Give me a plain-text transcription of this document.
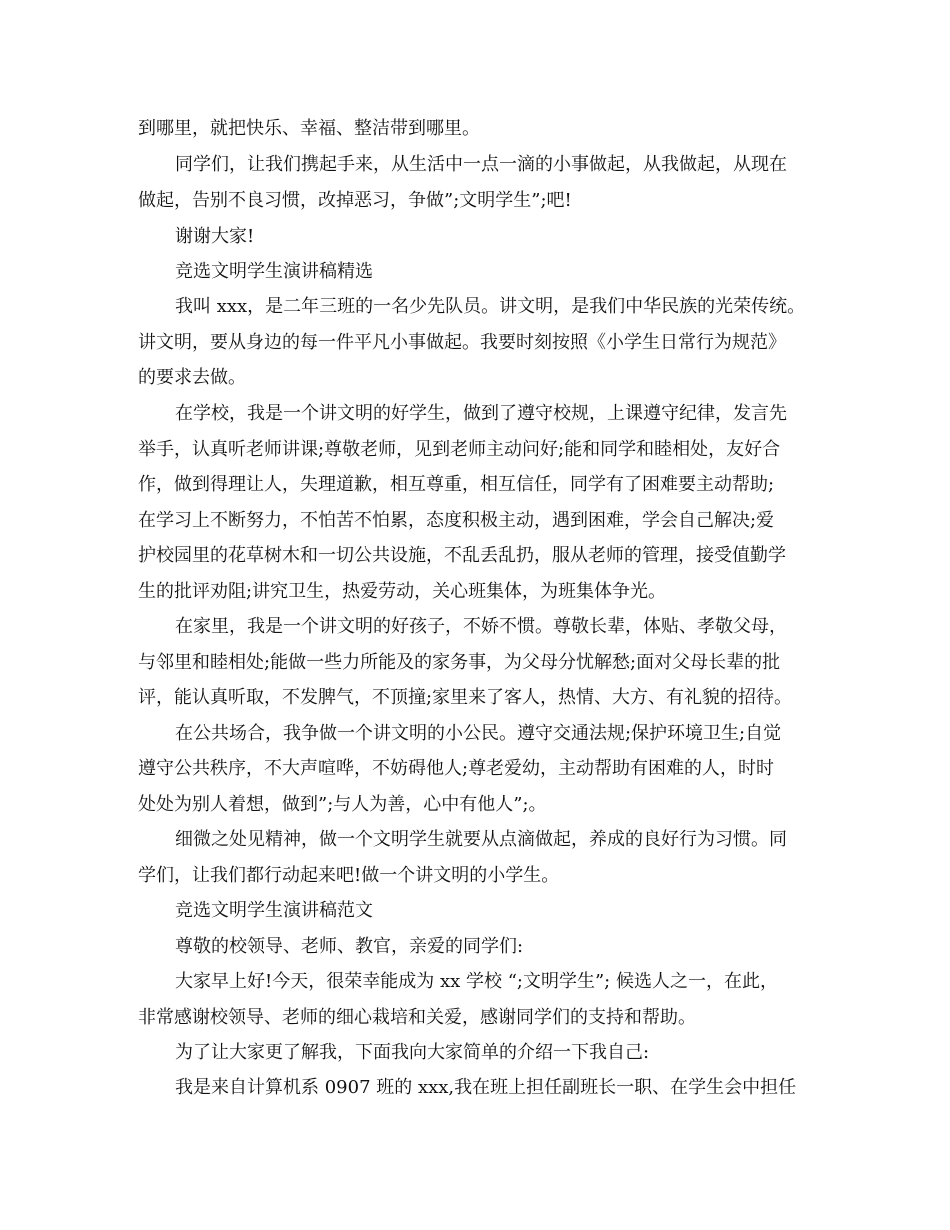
到哪里，就把快乐、幸福、整洁带到哪里。
同学们，让我们携起手来，从生活中一点一滴的小事做起，从我做起，从现在
做起，告别不良习惯，改掉恶习，争做”;文明学生”;吧!
谢谢大家!
竞选文明学生演讲稿精选
我叫 xxx，是二年三班的一名少先队员。讲文明，是我们中华民族的光荣传统。
讲文明，要从身边的每一件平凡小事做起。我要时刻按照《小学生日常行为规范》
的要求去做。
在学校，我是一个讲文明的好学生，做到了遵守校规，上课遵守纪律，发言先
举手，认真听老师讲课;尊敬老师，见到老师主动问好;能和同学和睦相处，友好合
作，做到得理让人，失理道歉，相互尊重，相互信任，同学有了困难要主动帮助;
在学习上不断努力，不怕苦不怕累，态度积极主动，遇到困难，学会自己解决;爱
护校园里的花草树木和一切公共设施，不乱丢乱扔，服从老师的管理，接受值勤学
生的批评劝阻;讲究卫生，热爱劳动，关心班集体，为班集体争光。
在家里，我是一个讲文明的好孩子，不娇不惯。尊敬长辈，体贴、孝敬父母，
与邻里和睦相处;能做一些力所能及的家务事，为父母分忧解愁;面对父母长辈的批
评，能认真听取，不发脾气，不顶撞;家里来了客人，热情、大方、有礼貌的招待。
在公共场合，我争做一个讲文明的小公民。遵守交通法规;保护环境卫生;自觉
遵守公共秩序，不大声喧哗，不妨碍他人;尊老爱幼，主动帮助有困难的人，时时
处处为别人着想，做到”;与人为善，心中有他人”;。
细微之处见精神，做一个文明学生就要从点滴做起，养成的良好行为习惯。同
学们，让我们都行动起来吧!做一个讲文明的小学生。
竞选文明学生演讲稿范文
尊敬的校领导、老师、教官，亲爱的同学们:
大家早上好!今天，很荣幸能成为 xx 学校 “;文明学生”; 候选人之一，在此，
非常感谢校领导、老师的细心栽培和关爱，感谢同学们的支持和帮助。
为了让大家更了解我，下面我向大家简单的介绍一下我自己:
我是来自计算机系 0907 班的 xxx,我在班上担任副班长一职、在学生会中担任
